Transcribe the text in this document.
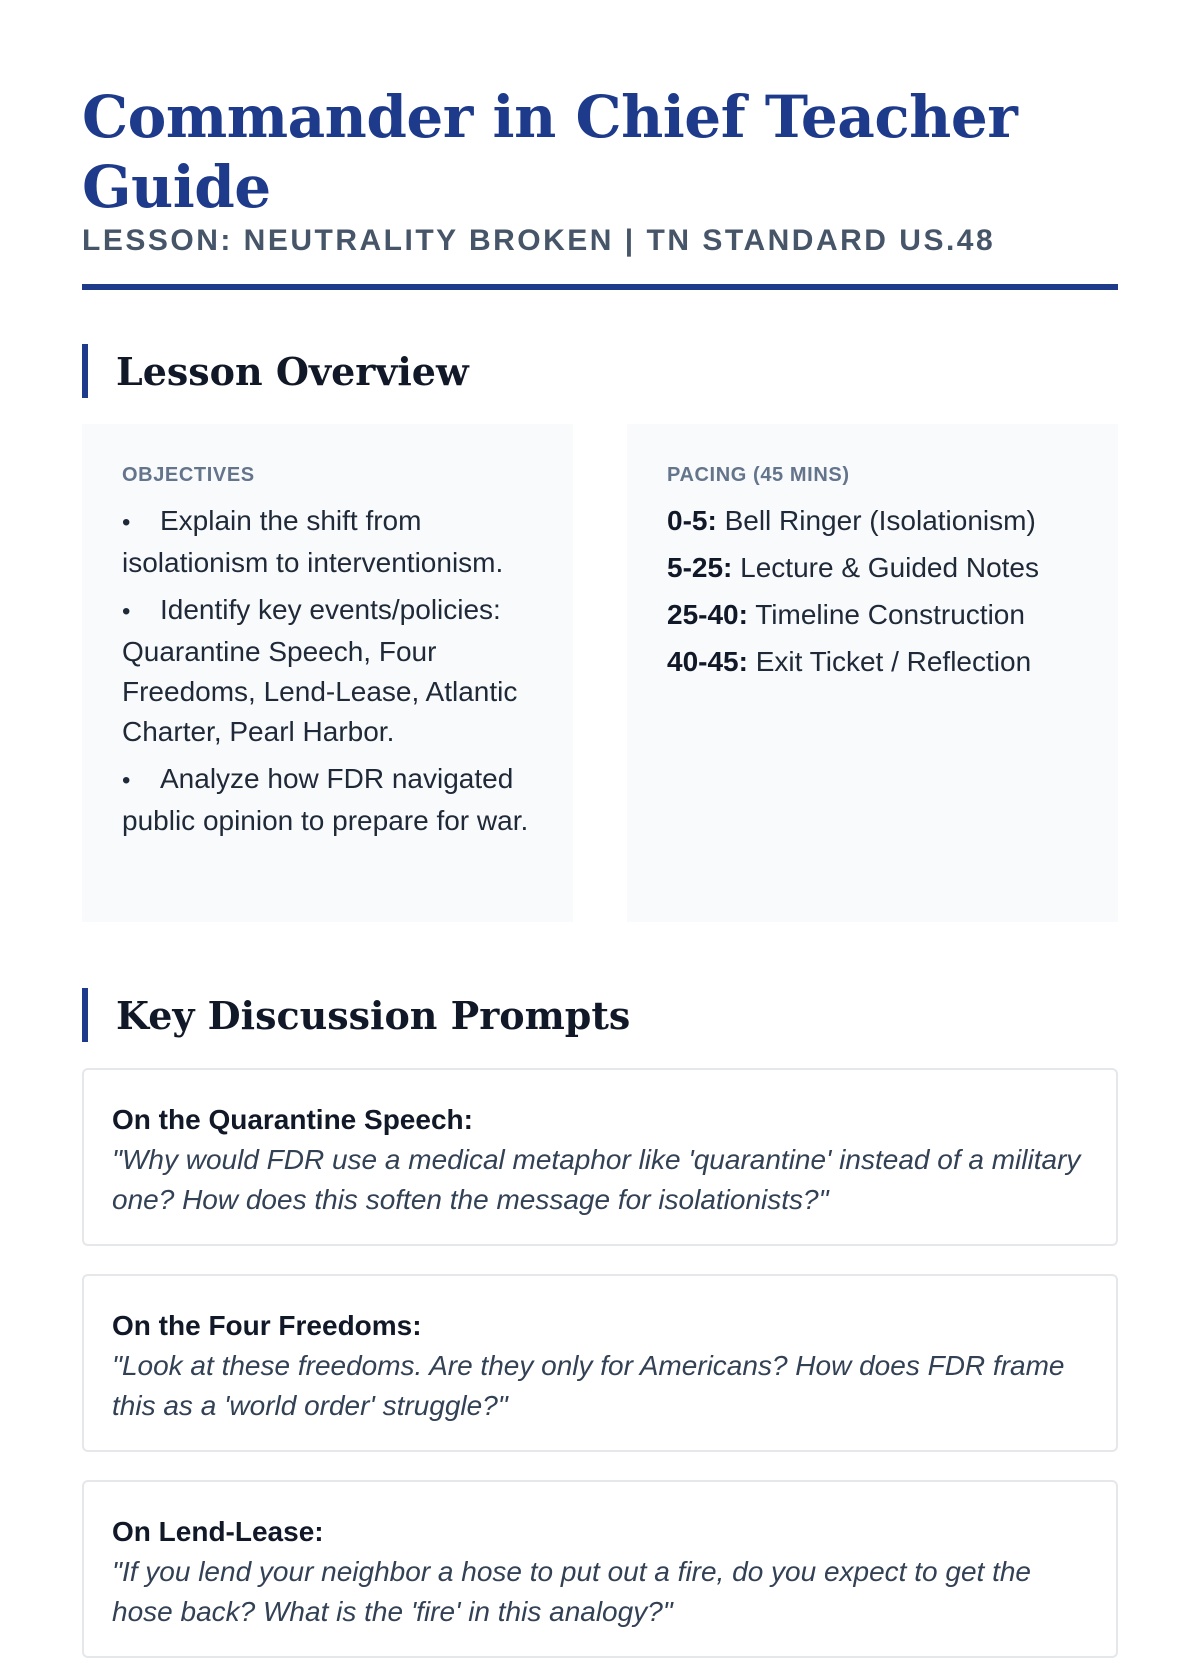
Commander in Chief Teacher Guide
LESSON: NEUTRALITY BROKEN | TN STANDARD US.48
Lesson Overview
OBJECTIVES
• Explain the shift from isolationism to interventionism.
• Identify key events/policies: Quarantine Speech, Four Freedoms, Lend-Lease, Atlantic Charter, Pearl Harbor.
• Analyze how FDR navigated public opinion to prepare for war.
PACING (45 MINS)
0-5: Bell Ringer (Isolationism)
5-25: Lecture & Guided Notes
25-40: Timeline Construction
40-45: Exit Ticket / Reflection
Key Discussion Prompts
On the Quarantine Speech:
"Why would FDR use a medical metaphor like 'quarantine' instead of a military one? How does this soften the message for isolationists?"
On the Four Freedoms:
"Look at these freedoms. Are they only for Americans? How does FDR frame this as a 'world order' struggle?"
On Lend-Lease:
"If you lend your neighbor a hose to put out a fire, do you expect to get the hose back? What is the 'fire' in this analogy?"
